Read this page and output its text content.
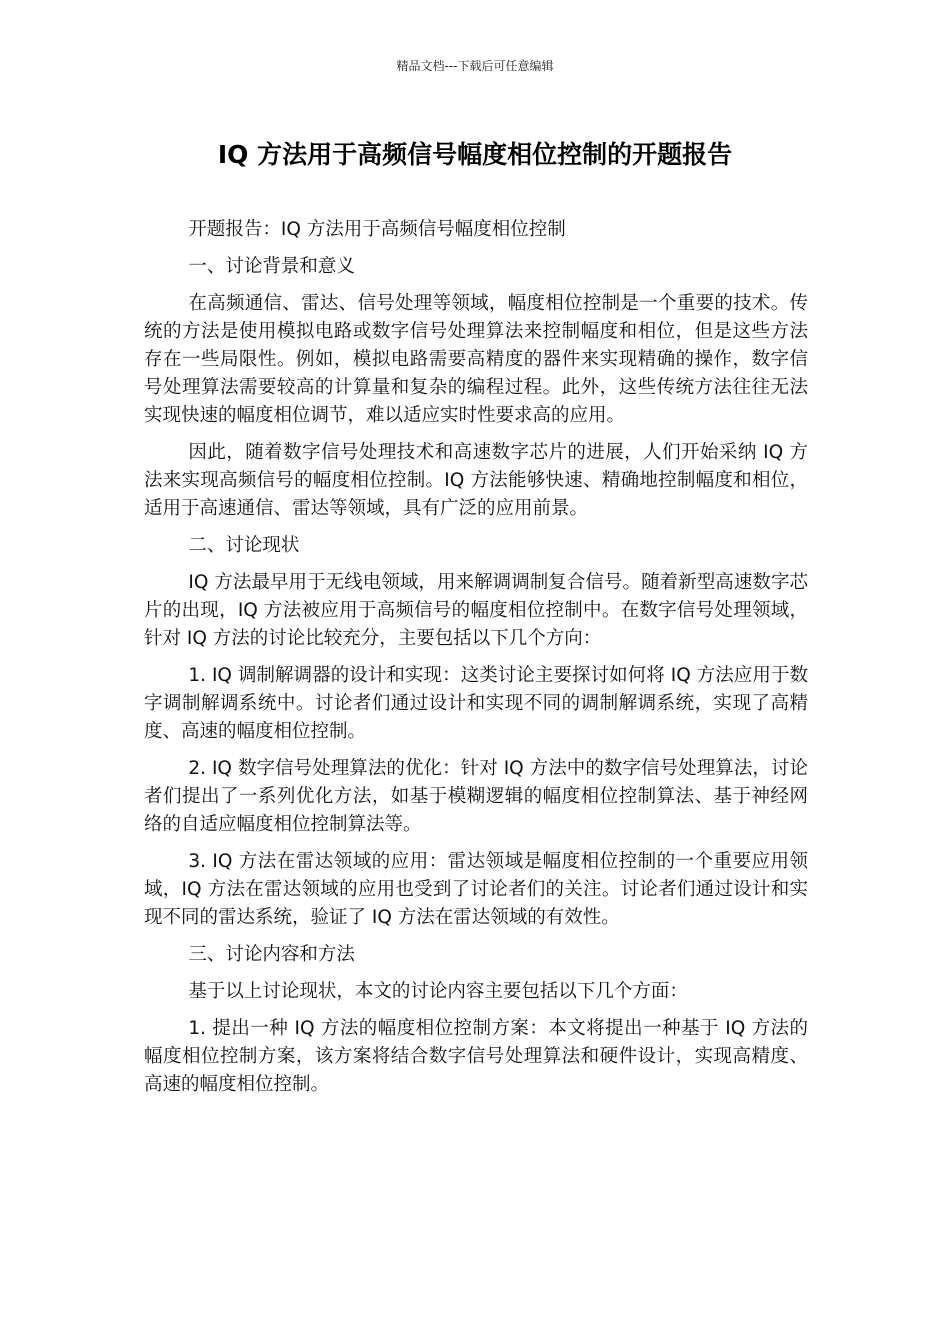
精品文档---下载后可任意编辑
IQ 方法用于高频信号幅度相位控制的开题报告

开题报告：IQ 方法用于高频信号幅度相位控制

一、讨论背景和意义

在高频通信、雷达、信号处理等领域，幅度相位控制是一个重要的技术。传统的方法是使用模拟电路或数字信号处理算法来控制幅度和相位，但是这些方法存在一些局限性。例如，模拟电路需要高精度的器件来实现精确的操作，数字信号处理算法需要较高的计算量和复杂的编程过程。此外，这些传统方法往往无法实现快速的幅度相位调节，难以适应实时性要求高的应用。

因此，随着数字信号处理技术和高速数字芯片的进展，人们开始采纳 IQ 方法来实现高频信号的幅度相位控制。IQ 方法能够快速、精确地控制幅度和相位，适用于高速通信、雷达等领域，具有广泛的应用前景。

二、讨论现状

IQ 方法最早用于无线电领域，用来解调调制复合信号。随着新型高速数字芯片的出现，IQ 方法被应用于高频信号的幅度相位控制中。在数字信号处理领域，针对 IQ 方法的讨论比较充分，主要包括以下几个方向：

1. IQ 调制解调器的设计和实现：这类讨论主要探讨如何将 IQ 方法应用于数字调制解调系统中。讨论者们通过设计和实现不同的调制解调系统，实现了高精度、高速的幅度相位控制。

2. IQ 数字信号处理算法的优化：针对 IQ 方法中的数字信号处理算法，讨论者们提出了一系列优化方法，如基于模糊逻辑的幅度相位控制算法、基于神经网络的自适应幅度相位控制算法等。

3. IQ 方法在雷达领域的应用：雷达领域是幅度相位控制的一个重要应用领域，IQ 方法在雷达领域的应用也受到了讨论者们的关注。讨论者们通过设计和实现不同的雷达系统，验证了 IQ 方法在雷达领域的有效性。

三、讨论内容和方法

基于以上讨论现状，本文的讨论内容主要包括以下几个方面：

1. 提出一种 IQ 方法的幅度相位控制方案：本文将提出一种基于 IQ 方法的幅度相位控制方案，该方案将结合数字信号处理算法和硬件设计，实现高精度、高速的幅度相位控制。
